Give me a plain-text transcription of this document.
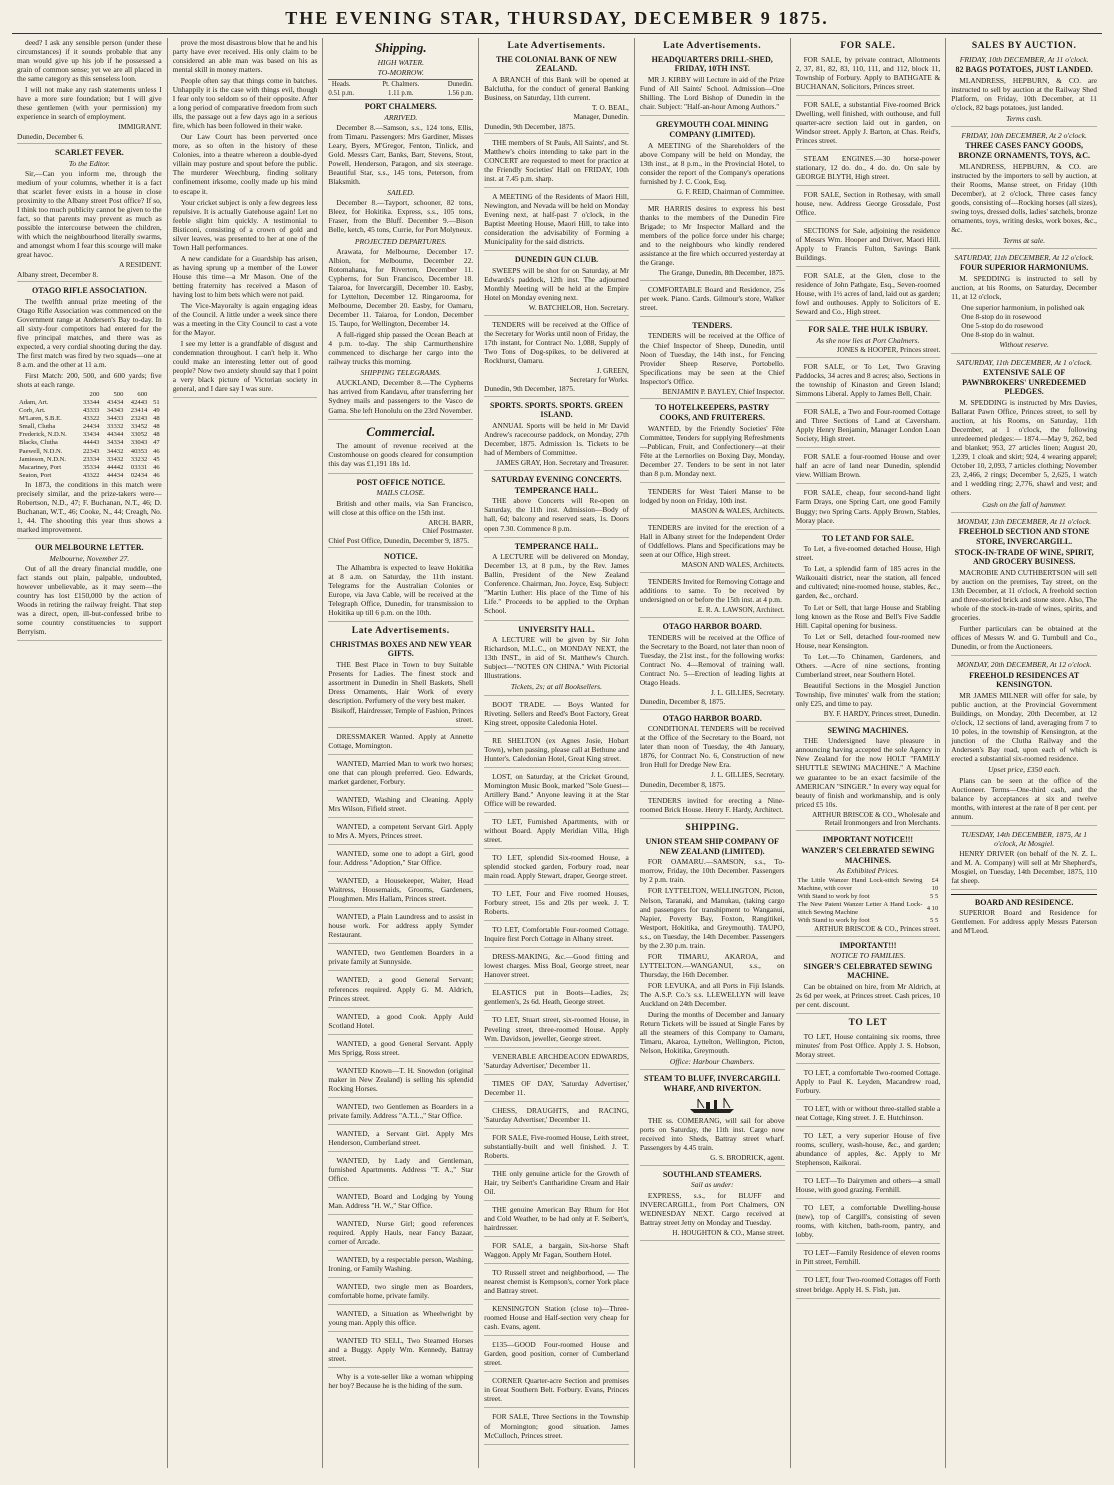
THE EVENING STAR, THURSDAY, DECEMBER 9 1875.

deed? I ask any sensible person (under these circumstances) if it sounds probable that any man would give up his job if he possessed a grain of common sense; yet we are all placed in the same category as this senseless loon.

I will not make any rash statements unless I have a more sure foundation; but I will give these gentlemen (with your permission) my experience in search of employment.

IMMIGRANT.
Dunedin, December 6.
SCARLET FEVER.
To the Editor.

Sir,—Can you inform me, through the medium of your columns, whether it is a fact that scarlet fever exists in a house in close proximity to the Albany street Post office? If so, I think too much publicity cannot be given to the fact, so that parents may prevent as much as possible the intercourse between the children, with which the neighbourhood literally swarms, and amongst whom I fear this scourge will make great havoc.

A RESIDENT.
Albany street, December 8.
OTAGO RIFLE ASSOCIATION.

The twelfth annual prize meeting of the Otago Rifle Association was commenced on the Government range at Andersen's Bay to-day. In all sixty-four competitors had entered for the five principal matches, and there was as expected, a very cordial shooting during the day. The first match was fired by two squads—one at 8 a.m. and the other at 11 a.m.

First Match: 200, 500, and 600 yards; five shots at each range.

	200	500	600	
Adam, Art.	33344	43434	42443	51
Corb, Art.	43333	34343	23414	49
M'Laren, S.B.E.	43322	34433	23243	48
Small, Clutha	24434	33332	33452	48
Frederick, N.D.N.	33434	44344	33052	48
Blacks, Clutha	44443	34334	33043	47
Paewell, N.D.N.	22343	34432	40353	46
Jamieson, N.D.N.	23334	33432	33232	45
Macartney, Port	35334	44442	03331	46
Seaton, Port	43322	44434	02434	46

In 1873, the conditions in this match were precisely similar, and the prize-takers were—Robertson, N.D., 47; F. Buchanan, N.T., 46; D. Buchanan, W.T., 46; Cooke, N., 44; Creagh, No. 1, 44. The shooting this year thus shows a marked improvement.

OUR MELBOURNE LETTER.
Melbourne, November 27.

Out of all the dreary financial muddle, one fact stands out plain, palpable, undoubted, however unbelievable, as it may seem—the country has lost £150,000 by the action of Woods in retiring the railway freight. That step was a direct, open, ill-but-confessed bribe to some country constituencies to support Berryism.

prove the most disastrous blow that he and his party have ever received. His only claim to be considered an able man was based on his as mental skill in money matters.

People often say that things come in batches. Unhappily it is the case with things evil, though I fear only too seldom so of their opposite. After a long period of comparative freedom from such ills, the passage out a few days ago in a serious fire, which has been followed in their wake.

Our Law Court has been perverted once more, as so often in the history of these Colonies, into a theatre whereon a double-dyed villain may posture and spout before the public. The murderer Weechburg, finding solitary confinement irksome, coolly made up his mind to escape it.

Your cricket subject is only a few degrees less repulsive. It is actually Gatehouse again! Let no feeble slight him quickly. A testimonial to Bisticoni, consisting of a crown of gold and silver leaves, was presented to her at one of the Town Hall performances.

A new candidate for a Guardship has arisen, as having sprung up a member of the Lower House this time—a Mr Mason. One of the betting fraternity has received a Mason of having lost to him bets which were not paid.

The Vice-Mayoralty is again engaging ideas of the Council. A little under a week since there was a meeting in the City Council to cast a vote for the Mayor.

I see my letter is a grandfable of disgust and condemnation throughout. I can't help it. Who could make an interesting letter out of good people? Now two anxiety should say that I point a very black picture of Victorian society in general, and I dare say I was sure.

Shipping.
HIGH WATER.
TO-MORROW.
Heads.
0.51 p.m.
Pt. Chalmers.
1.11 p.m.
Dunedin.
1.56 p.m.
PORT CHALMERS.
ARRIVED.

December 8.—Samson, s.s., 124 tons, Ellis, from Timaru. Passengers: Mrs Gardiner, Misses Leary, Byers, M'Gregor, Fenton, Tinlick, and Gold. Messrs Carr, Banks, Barr, Stevens, Stout, Powell, Henderson, Paragon, and six steerage. Beautiful Star, s.s., 145 tons, Peterson, from Blaksmith.

SAILED.

December 8.—Tayport, schooner, 82 tons, Bleez, for Hokitika. Express, s.s., 105 tons, Fraser, from the Bluff. December 9.—Bison Belle, ketch, 45 tons, Currie, for Port Molyneux.

PROJECTED DEPARTURES.

Arawata, for Melbourne, December 17. Albion, for Melbourne, December 22. Rotomahana, for Riverton, December 11. Cypherns, for Sun Francisco, December 18. Taiaroa, for Invercargill, December 10. Easby, for Lyttelton, December 12. Ringarooma, for Melbourne, December 20. Easby, for Oamaru, December 11. Taiaroa, for London, December 15. Taupo, for Wellington, December 14.

A full-rigged ship passed the Ocean Beach at 4 p.m. to-day. The ship Carmurthenshire commenced to discharge her cargo into the railway trucks this morning.

SHIPPING TELEGRAMS.

AUCKLAND, December 8.—The Cypherns has arrived from Kandavu, after transferring her Sydney mails and passengers to the Vasco de Gama. She left Honolulu on the 23rd November.

Commercial.

The amount of revenue received at the Customhouse on goods cleared for consumption this day was £1,191 18s 1d.

POST OFFICE NOTICE.
MAILS CLOSE.

British and other mails, via San Francisco, will close at this office on the 15th inst.

ARCH. BARR,
Chief Postmaster.
Chief Post Office, Dunedin, December 9, 1875.
NOTICE.

The Alhambra is expected to leave Hokitika at 8 a.m. on Saturday, the 11th instant. Telegrams for the Australian Colonies or Europe, via Java Cable, will be received at the Telegraph Office, Dunedin, for transmission to Hokitika up till 6 p.m. on the 10th.

Late Advertisements.
CHRISTMAS BOXES AND NEW YEAR GIFTS.

THE Best Place in Town to buy Suitable Presents for Ladies. The finest stock and assortment in Dunedin in Shell Baskets, Shell Dress Ornaments, Hair Work of every description. Perfumery of the very best maker.

Bisikoff, Hairdresser, Temple of Fashion, Princes street.

DRESSMAKER Wanted. Apply at Annette Cottage, Mornington.

WANTED, Married Man to work two horses; one that can plough preferred. Geo. Edwards, market gardener, Forbury.

WANTED, Washing and Cleaning. Apply Mrs Wilson, Fifield street.

WANTED, a competent Servant Girl. Apply to Mrs A. Myers, Princes street.

WANTED, some one to adopt a Girl, good four. Address "Adoption," Star Office.

WANTED, a Housekeeper, Waiter, Head Waitress, Housemaids, Grooms, Gardeners, Ploughmen. Mrs Hallam, Princes street.

WANTED, a Plain Laundress and to assist in house work. For address apply Symder Restaurant.

WANTED, two Gentlemen Boarders in a private family at Sunnyside.

WANTED, a good General Servant; references required. Apply G. M. Aldrich, Princes street.

WANTED, a good Cook. Apply Auld Scotland Hotel.

WANTED, a good General Servant. Apply Mrs Sprigg, Ross street.

WANTED Known—T. H. Snowdon (original maker in New Zealand) is selling his splendid Rocking Horses.

WANTED, two Gentlemen as Boarders in a private family. Address "A.T.L.," Star Office.

WANTED, a Servant Girl. Apply Mrs Henderson, Cumberland street.

WANTED, by Lady and Gentleman, furnished Apartments. Address "T. A.," Star Office.

WANTED, Board and Lodging by Young Man. Address "H. W.," Star Office.

WANTED, Nurse Girl; good references required. Apply Hauls, near Fancy Bazaar, corner of Arcade.

WANTED, by a respectable person, Washing, Ironing, or Family Washing.

WANTED, two single men as Boarders, comfortable home, private family.

WANTED, a Situation as Wheelwright by young man. Apply this office.

WANTED TO SELL, Two Steamed Horses and a Buggy. Apply Wm. Kennedy, Battray street.

Why is a vote-seller like a woman whipping her boy? Because he is the hiding of the sum.

Late Advertisements.
THE COLONIAL BANK OF NEW ZEALAND.

A BRANCH of this Bank will be opened at Balclutha, for the conduct of general Banking Business, on Saturday, 11th current.

T. O. BEAL,
Manager, Dunedin.
Dunedin, 9th December, 1875.

THE members of St Pauls, All Saints', and St. Matthew's choirs intending to take part in the CONCERT are requested to meet for practice at the Friendly Societies' Hall on FRIDAY, 10th inst. at 7.45 p.m. sharp.

A MEETING of the Residents of Maori Hill, Newington, and Nevada will be held on Monday Evening next, at half-past 7 o'clock, in the Baptist Meeting House, Maori Hill, to take into consideration the advisability of Forming a Municipality for the said districts.

DUNEDIN GUN CLUB.

SWEEPS will be shot for on Saturday, at Mr Edwards's paddock, 12th inst. The adjourned Monthly Meeting will be held at the Empire Hotel on Monday evening next.

W. BATCHELOR, Hon. Secretary.

TENDERS will be received at the Office of the Secretary for Works until noon of Friday, the 17th instant, for Contract No. 1,088, Supply of Two Tons of Dog-spikes, to be delivered at Rockhurst, Oamaru.

J. GREEN,
Secretary for Works.
Dunedin, 9th December, 1875.
SPORTS. SPORTS. SPORTS. GREEN ISLAND.

ANNUAL Sports will be held in Mr David Andrew's racecourse paddock, on Monday, 27th December, 1875. Admission 1s. Tickets to be had of Members of Committee.

JAMES GRAY, Hon. Secretary and Treasurer.
SATURDAY EVENING CONCERTS.
TEMPERANCE HALL.

THE above Concerts will Re-open on Saturday, the 11th inst. Admission—Body of hall, 6d; balcony and reserved seats, 1s. Doors open 7.30. Commence 8 p.m.

TEMPERANCE HALL.

A LECTURE will be delivered on Monday, December 13, at 8 p.m., by the Rev. James Ballin, President of the New Zealand Conference. Chairman, Jno. Joyce, Esq. Subject: "Martin Luther: His place of the Time of his Life." Proceeds to be applied to the Orphan School.

UNIVERSITY HALL.

A LECTURE will be given by Sir John Richardson, M.L.C., on MONDAY NEXT, the 13th INST., in aid of St. Matthew's Church. Subject—"NOTES ON CHINA." With Pictorial Illustrations.

Tickets, 2s; at all Booksellers.

BOOT TRADE. — Boys Wanted for Riveting. Sellers and Reed's Boot Factory, Great King street, opposite Caledonia Hotel.

RE SHELTON (ex Agnes Josie, Hobart Town), when passing, please call at Bethune and Hunter's. Caledonian Hotel, Great King street.

LOST, on Saturday, at the Cricket Ground, Mornington Music Book, marked "Sole Guest—Artillery Band." Anyone leaving it at the Star Office will be rewarded.

TO LET, Furnished Apartments, with or without Board. Apply Meridian Villa, High street.

TO LET, splendid Six-roomed House, a splendid stocked garden, Forbury road, near main road. Apply Stewart, draper, George street.

TO LET, Four and Five roomed Houses, Forbury street, 15s and 20s per week. J. T. Roberts.

TO LET, Comfortable Four-roomed Cottage. Inquire first Porch Cottage in Albany street.

DRESS-MAKING, &c.—Good fitting and lowest charges. Miss Boal, George street, near Hanover street.

ELASTICS put in Boots—Ladies, 2s; gentlemen's, 2s 6d. Heath, George street.

TO LET, Stuart street, six-roomed House, in Peveling street, three-roomed House. Apply Wm. Davidson, jeweller, George street.

VENERABLE ARCHDEACON EDWARDS, 'Saturday Advertiser,' December 11.

TIMES OF DAY, 'Saturday Advertiser,' December 11.

CHESS, DRAUGHTS, and RACING, 'Saturday Advertiser,' December 11.

FOR SALE, Five-roomed House, Leith street, substantially-built and well finished. J. T. Roberts.

THE only genuine article for the Growth of Hair, try Seibert's Cantharidine Cream and Hair Oil.

THE genuine American Bay Rhum for Hot and Cold Weather, to be had only at F. Seibert's, hairdresser.

FOR SALE, a bargain, Six-horse Shaft Waggon. Apply Mr Fagan, Southern Hotel.

TO Russell street and neighborhood, — The nearest chemist is Kempson's, corner York place and Battray street.

KENSINGTON Station (close to)—Three-roomed House and Half-section very cheap for cash. Evans, agent.

£135—GOOD Four-roomed House and Garden, good position, corner of Cumberland street.

CORNER Quarter-acre Section and premises in Great Southern Belt. Forbury. Evans, Princes street.

FOR SALE, Three Sections in the Township of Mornington; good situation. James McCulloch, Princes street.

Late Advertisements.
HEADQUARTERS DRILL-SHED, FRIDAY, 10TH INST.

MR J. KIRBY will Lecture in aid of the Prize Fund of All Saints' School. Admission—One Shilling. The Lord Bishop of Dunedin in the chair. Subject: "Half-an-hour Among Authors."

GREYMOUTH COAL MINING COMPANY (LIMITED).

A MEETING of the Shareholders of the above Company will be held on Monday, the 13th inst., at 8 p.m., in the Provincial Hotel, to consider the report of the Company's operations furnished by J. C. Cook, Esq.

G. F. REID, Chairman of Committee.

MR HARRIS desires to express his best thanks to the members of the Dunedin Fire Brigade; to Mr Inspector Mallard and the members of the police force under his charge; and to the neighbours who kindly rendered assistance at the fire which occurred yesterday at the Grange.

The Grange, Dunedin, 8th December, 1875.

COMFORTABLE Board and Residence, 25s per week. Piano. Cards. Gilmour's store, Walker street.

TENDERS.

TENDERS will be received at the Office of the Chief Inspector of Sheep, Dunedin, until Noon of Tuesday, the 14th inst., for Fencing Provider Sheep Reserve, Portobello. Specifications may be seen at the Chief Inspector's Office.

BENJAMIN P. BAYLEY, Chief Inspector.
TO HOTELKEEPERS, PASTRY COOKS, AND FRUITERERS.

WANTED, by the Friendly Societies' Fête Committee, Tenders for supplying Refreshments—Publican, Fruit, and Confectionery—at their Fête at the Lernorlies on Boxing Day, Monday, December 27. Tenders to be sent in not later than 8 p.m. Monday next.

TENDERS for West Taieri Manse to be lodged by noon on Friday, 10th inst.

MASON & WALES, Architects.

TENDERS are invited for the erection of a Hall in Albany street for the Independent Order of Oddfellows. Plans and Specifications may be seen at our Office, High street.

MASON AND WALES, Architects.

TENDERS Invited for Removing Cottage and additions to same. To be received by undersigned on or before the 15th inst. at 4 p.m.

E. R. A. LAWSON, Architect.
OTAGO HARBOR BOARD.

TENDERS will be received at the Office of the Secretary to the Board, not later than noon of Tuesday, the 21st inst., for the following works: Contract No. 4—Removal of training wall. Contract No. 5—Erection of leading lights at Otago Heads.

J. L. GILLIES, Secretary.
Dunedin, December 8, 1875.
OTAGO HARBOR BOARD.

CONDITIONAL TENDERS will be received at the Office of the Secretary to the Board, not later than noon of Tuesday, the 4th January, 1876, for Contract No. 6, Construction of new Iron Hull for Dredge New Era.

J. L. GILLIES, Secretary.
Dunedin, December 8, 1875.

TENDERS invited for erecting a Nine-roomed Brick House. Henry F. Hardy, Architect.

SHIPPING.
UNION STEAM SHIP COMPANY OF NEW ZEALAND (LIMITED).

FOR OAMARU.—SAMSON, s.s., To-morrow, Friday, the 10th December. Passengers by 2 p.m. train.

FOR LYTTELTON, WELLINGTON, Picton, Nelson, Taranaki, and Manukau, (taking cargo and passengers for transhipment to Wanganui, Napier, Poverty Bay, Foxton, Rangitikei, Westport, Hokitika, and Greymouth). TAUPO, s.s., on Tuesday, the 14th December. Passengers by the 2.30 p.m. train.

FOR TIMARU, AKAROA, and LYTTELTON.—WANGANUI, s.s., on Thursday, the 16th December.

FOR LEVUKA, and all Ports in Fiji Islands. The A.S.P. Co.'s s.s. LLEWELLYN will leave Auckland on 24th December.

During the months of December and January Return Tickets will be issued at Single Fares by all the steamers of this Company to Oamaru, Timaru, Akaroa, Lyttelton, Wellington, Picton, Nelson, Hokitika, Greymouth.

Office: Harbour Chambers.
STEAM TO BLUFF, INVERCARGILL WHARF, AND RIVERTON.

THE ss. COMERANG, will sail for above ports on Saturday, the 11th inst. Cargo now received into Sheds, Battray street wharf. Passengers by 4.45 train.

G. S. BRODRICK, agent.
SOUTHLAND STEAMERS.
Sail as under:

EXPRESS, s.s., for BLUFF and INVERCARGILL, from Port Chalmers, ON WEDNESDAY NEXT. Cargo received at Battray street Jetty on Monday and Tuesday.

H. HOUGHTON & CO., Manse street.
FOR SALE.

FOR SALE, by private contract, Allotments 2, 37, 81, 82, 83, 110, 111, and 112, block 11, Township of Forbury. Apply to BATHGATE & BUCHANAN, Solicitors, Princes street.

FOR SALE, a substantial Five-roomed Brick Dwelling, well finished, with outhouse, and full quarter-acre section laid out in garden, on Windsor street. Apply J. Barton, at Chas. Reid's, Princes street.

STEAM ENGINES.—30 horse-power stationary, 12 do. do., 4 do. do. On sale by GEORGE BLYTH, High street.

FOR SALE, Section in Rothesay, with small house, new. Address George Grossdale, Post Office.

SECTIONS for Sale, adjoining the residence of Messrs Wm. Hooper and Driver, Maori Hill. Apply to Francis Fulton, Savings Bank Buildings.

FOR SALE, at the Glen, close to the residence of John Pathgate, Esq., Seven-roomed House, with 1½ acres of land, laid out as garden; fowl and outhouses. Apply to Solicitors of E. Seward and Co., High street.

FOR SALE. THE HULK ISBURY.
As she now lies at Port Chalmers.
JONES & HOOPER, Princes street.

FOR SALE, or To Let, Two Graving Paddocks, 34 acres and 8 acres; also, Sections in the township of Kinaston and Green Island; Simmons Liberal. Apply to James Bell, Chair.

FOR SALE, a Two and Four-roomed Cottage and Three Sections of Land at Caversham. Apply Henry Benjamin, Manager London Loan Society, High street.

FOR SALE a four-roomed House and over half an acre of land near Dunedin, splendid view. William Brown.

FOR SALE, cheap, four second-hand light Farm Drays, one Spring Cart, one good Family Buggy; two Spring Carts. Apply Brown, Stables, Moray place.

TO LET AND FOR SALE.

To Let, a five-roomed detached House, High street.

To Let, a splendid farm of 185 acres in the Waikouaiti district, near the station, all fenced and cultivated; nine-roomed house, stables, &c., garden, &c., orchard.

To Let or Sell, that large House and Stabling long known as the Rose and Bell's Five Saddle Hill. Capital opening for business.

To Let or Sell, detached four-roomed new House, near Kensington.

To Let.—To Chinamen, Gardeners, and Others. —Acre of nine sections, fronting Cumberland street, near Southern Hotel.

Beautiful Sections in the Mosgiel Junction Township, five minutes' walk from the station; only £25, and time to pay.

BY. F. HARDY, Princes street, Dunedin.
SEWING MACHINES.

THE Undersigned have pleasure in announcing having accepted the sole Agency in New Zealand for the now HOLT "FAMILY SHUTTLE SEWING MACHINE." A Machine we guarantee to be an exact facsimile of the AMERICAN "SINGER." In every way equal for beauty of finish and workmanship, and is only priced £5 10s.

ARTHUR BRISCOE & CO., Wholesale and Retail Ironmongers and Iron Merchants.
IMPORTANT NOTICE!!!
WANZER'S CELEBRATED SEWING MACHINES.
As Exhibited Prices.
The Little Wanzer Hand Lock-stitch Sewing Machine, with cover	£4 10
With Stand to work by foot	5 5
The New Patent Wanzer Letter A Hand Lock-stitch Sewing Machine	4 10
With Stand to work by foot	5 5
ARTHUR BRISCOE & CO., Princes street.
IMPORTANT!!!
NOTICE TO FAMILIES.
SINGER'S CELEBRATED SEWING MACHINE.

Can be obtained on hire, from Mr Aldrich, at 2s 6d per week, at Princes street. Cash prices, 10 per cent. discount.

TO LET

TO LET, House containing six rooms, three minutes' from Post Office. Apply J. S. Hobson, Moray street.

TO LET, a comfortable Two-roomed Cottage. Apply to Paul K. Leyden, Macandrew road, Forbury.

TO LET, with or without three-stalled stable a neat Cottage, King street. J. E. Hutchinson.

TO LET, a very superior House of five rooms, scullery, wash-house, &c., and garden; abundance of apples, &c. Apply to Mr Stephenson, Kaikorai.

TO LET—To Dairymen and others—a small House, with good grazing. Fernhill.

TO LET, a comfortable Dwelling-house (new), top of Cargill's, consisting of seven rooms, with kitchen, bath-room, pantry, and lobby.

TO LET—Family Residence of eleven rooms in Pitt street, Fernhill.

TO LET, four Two-roomed Cottages off Forth street bridge. Apply H. S. Fish, jun.

SALES BY AUCTION.
FRIDAY, 10th DECEMBER, At 11 o'clock.
82 BAGS POTATOES, JUST LANDED.

MLANDRESS, HEPBURN, & CO. are instructed to sell by auction at the Railway Shed Platform, on Friday, 10th December, at 11 o'clock, 82 bags potatoes, just landed.

Terms cash.
FRIDAY, 10th DECEMBER, At 2 o'clock.
THREE CASES FANCY GOODS, BRONZE ORNAMENTS, TOYS, &C.

MLANDRESS, HEPBURN, & CO. are instructed by the importers to sell by auction, at their Rooms, Manse street, on Friday (10th December), at 2 o'clock, Three cases fancy goods, consisting of—Rocking horses (all sizes), swing toys, dressed dolls, ladies' satchels, bronze ornaments, toys, writing desks, work boxes, &c., &c.

Terms at sale.
SATURDAY, 11th DECEMBER, At 12 o'clock.
FOUR SUPERIOR HARMONIUMS.

M. SPEDDING is instructed to sell by auction, at his Rooms, on Saturday, December 11, at 12 o'clock,

One superior harmonium, in polished oak
One 8-stop do in rosewood
One 5-stop do do rosewood
One 8-stop do in walnut.
Without reserve.
SATURDAY, 11th DECEMBER, At 1 o'clock.
EXTENSIVE SALE OF PAWNBROKERS' UNREDEEMED PLEDGES.

M. SPEDDING is instructed by Mrs Davies, Ballarat Pawn Office, Princes street, to sell by auction, at his Rooms, on Saturday, 11th December, at 1 o'clock, the following unredeemed pledges:— 1874.—May 9, 262, bed and blanket; 953, 27 articles linen; August 20, 1,239, 1 cloak and skirt; 924, 4 wearing apparel; October 10, 2,093, 7 articles clothing; November 23, 2,466, 2 rings; December 5, 2,625, 1 watch and 1 wedding ring; 2,776, shawl and vest; and others.

Cash on the fall of hammer.
MONDAY, 13th DECEMBER, At 11 o'clock.
FREEHOLD SECTION AND STONE STORE, INVERCARGILL.
STOCK-IN-TRADE OF WINE, SPIRIT, AND GROCERY BUSINESS.

MACROBIE AND CUTHBERTSON will sell by auction on the premises, Tay street, on the 13th December, at 11 o'clock, A freehold section and three-storied brick and stone store. Also, The whole of the stock-in-trade of wines, spirits, and groceries.

Further particulars can be obtained at the offices of Messrs W. and G. Turnbull and Co., Dunedin, or from the Auctioneers.

MONDAY, 20th DECEMBER, At 12 o'clock.
FREEHOLD RESIDENCES AT KENSINGTON.

MR JAMES MILNER will offer for sale, by public auction, at the Provincial Government Buildings, on Monday, 20th December, at 12 o'clock, 12 sections of land, averaging from 7 to 10 poles, in the township of Kensington, at the junction of the Clutha Railway and the Andersen's Bay road, upon each of which is erected a substantial six-roomed residence.

Upset price, £350 each.

Plans can be seen at the office of the Auctioneer. Terms—One-third cash, and the balance by acceptances at six and twelve months, with interest at the rate of 8 per cent. per annum.

TUESDAY, 14th DECEMBER, 1875, At 1 o'clock, At Mosgiel.

HENRY DRIVER (on behalf of the N. Z. L. and M. A. Company) will sell at Mr Shepherd's, Mosgiel, on Tuesday, 14th December, 1875, 110 fat sheep.

BOARD AND RESIDENCE.

SUPERIOR Board and Residence for Gentlemen. For address apply Messrs Paterson and M'Leod.
